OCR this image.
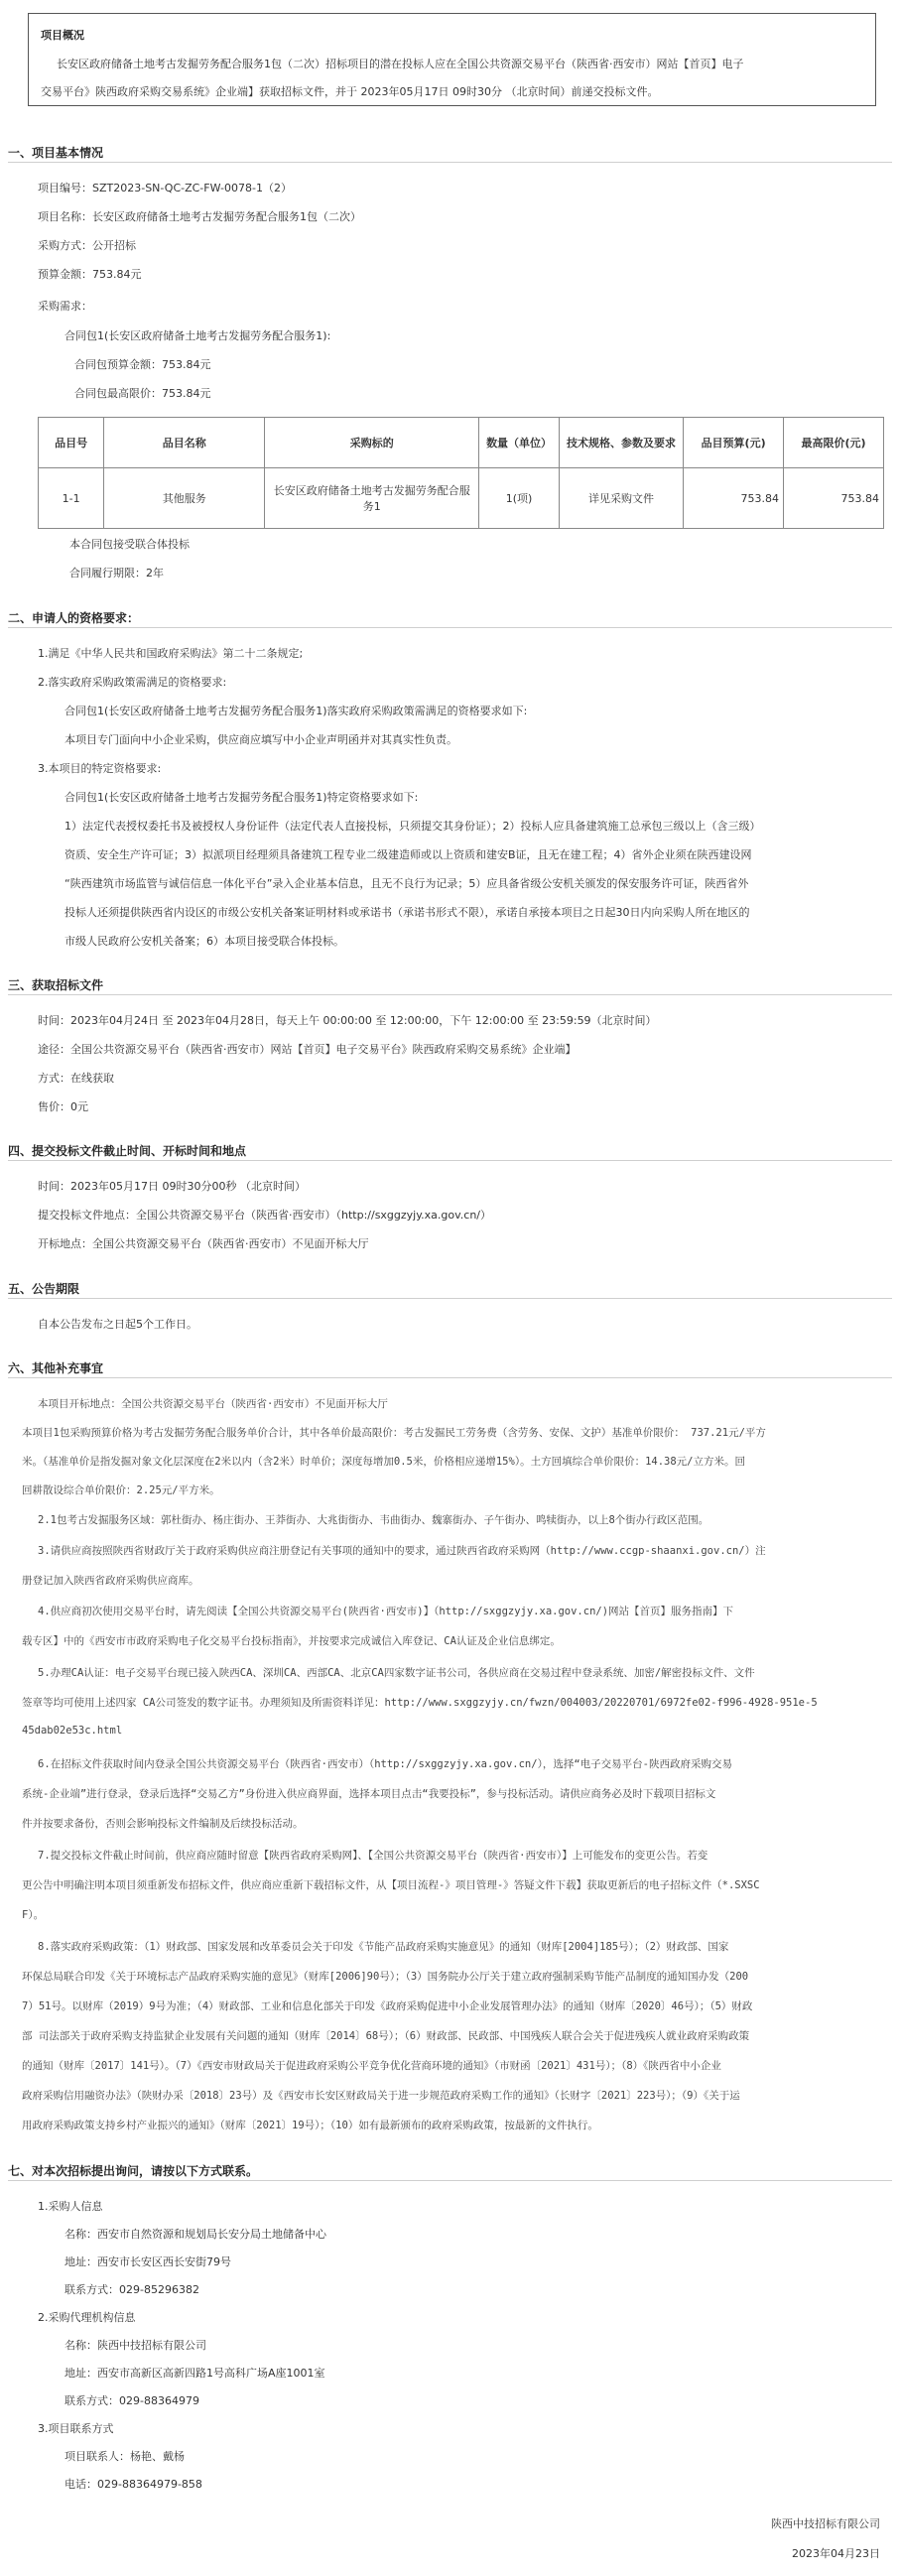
项目概况
长安区政府储备土地考古发掘劳务配合服务1包（二次）招标项目的潜在投标人应在全国公共资源交易平台（陕西省·西安市）网站【首页】电子
交易平台》陕西政府采购交易系统》企业端】获取招标文件，并于 2023年05月17日 09时30分 （北京时间）前递交投标文件。
一、项目基本情况
项目编号：SZT2023-SN-QC-ZC-FW-0078-1（2）
项目名称：长安区政府储备土地考古发掘劳务配合服务1包（二次）
采购方式：公开招标
预算金额：753.84元
采购需求：
合同包1(长安区政府储备土地考古发掘劳务配合服务1):
合同包预算金额：753.84元
合同包最高限价：753.84元
品目号	品目名称	采购标的	数量（单位）	技术规格、参数及要求	品目预算(元)	最高限价(元)
1-1	其他服务	长安区政府储备土地考古发掘劳务配合服务1	1(项)	详见采购文件	753.84	753.84
本合同包接受联合体投标
合同履行期限：2年
二、申请人的资格要求：
1.满足《中华人民共和国政府采购法》第二十二条规定;
2.落实政府采购政策需满足的资格要求:
合同包1(长安区政府储备土地考古发掘劳务配合服务1)落实政府采购政策需满足的资格要求如下:
本项目专门面向中小企业采购，供应商应填写中小企业声明函并对其真实性负责。
3.本项目的特定资格要求:
合同包1(长安区政府储备土地考古发掘劳务配合服务1)特定资格要求如下:
1）法定代表授权委托书及被授权人身份证件（法定代表人直接投标，只须提交其身份证）；2）投标人应具备建筑施工总承包三级以上（含三级）
资质、安全生产许可证；3）拟派项目经理须具备建筑工程专业二级建造师或以上资质和建安B证，且无在建工程；4）省外企业须在陕西建设网
“陕西建筑市场监管与诚信信息一体化平台”录入企业基本信息，且无不良行为记录；5）应具备省级公安机关颁发的保安服务许可证，陕西省外
投标人还须提供陕西省内设区的市级公安机关备案证明材料或承诺书（承诺书形式不限），承诺自承接本项目之日起30日内向采购人所在地区的
市级人民政府公安机关备案；6）本项目接受联合体投标。
三、获取招标文件
时间：2023年04月24日 至 2023年04月28日，每天上午 00:00:00 至 12:00:00，下午 12:00:00 至 23:59:59（北京时间）
途径：全国公共资源交易平台（陕西省·西安市）网站【首页】电子交易平台》陕西政府采购交易系统》企业端】
方式：在线获取
售价：0元
四、提交投标文件截止时间、开标时间和地点
时间：2023年05月17日 09时30分00秒 （北京时间）
提交投标文件地点：全国公共资源交易平台（陕西省·西安市）（http://sxggzyjy.xa.gov.cn/）
开标地点：全国公共资源交易平台（陕西省·西安市）不见面开标大厅
五、公告期限
自本公告发布之日起5个工作日。
六、其他补充事宜
本项目开标地点：全国公共资源交易平台（陕西省·西安市）不见面开标大厅
本项目1包采购预算价格为考古发掘劳务配合服务单价合计，其中各单价最高限价：考古发掘民工劳务费（含劳务、安保、文护）基准单价限价： 737.21元/平方
米。（基准单价是指发掘对象文化层深度在2米以内（含2米）时单价；深度每增加0.5米，价格相应递增15%）。土方回填综合单价限价：14.38元/立方米。回
回耕散设综合单价限价：2.25元/平方米。
2.1包考古发掘服务区域：郭杜街办、杨庄街办、王莽街办、大兆街街办、韦曲街办、魏寨街办、子午街办、鸣犊街办，以上8个街办行政区范围。
3.请供应商按照陕西省财政厅关于政府采购供应商注册登记有关事项的通知中的要求，通过陕西省政府采购网（http://www.ccgp-shaanxi.gov.cn/）注
册登记加入陕西省政府采购供应商库。
4.供应商初次使用交易平台时，请先阅读【全国公共资源交易平台(陕西省·西安市)】（http://sxggzyjy.xa.gov.cn/)网站【首页】服务指南】下
载专区】中的《西安市市政府采购电子化交易平台投标指南》，并按要求完成诚信入库登记、CA认证及企业信息绑定。
5.办理CA认证：电子交易平台现已接入陕西CA、深圳CA、西部CA、北京CA四家数字证书公司，各供应商在交易过程中登录系统、加密/解密投标文件、文件
签章等均可使用上述四家 CA公司签发的数字证书。办理须知及所需资料详见：http://www.sxggzyjy.cn/fwzn/004003/20220701/6972fe02-f996-4928-951e-5
45dab02e53c.html
6.在招标文件获取时间内登录全国公共资源交易平台（陕西省·西安市）（http://sxggzyjy.xa.gov.cn/），选择“电子交易平台-陕西政府采购交易
系统-企业端”进行登录，登录后选择“交易乙方”身份进入供应商界面，选择本项目点击“我要投标”，参与投标活动。请供应商务必及时下载项目招标文
件并按要求备份，否则会影响投标文件编制及后续投标活动。
7.提交投标文件截止时间前，供应商应随时留意【陕西省政府采购网】、【全国公共资源交易平台（陕西省·西安市）】上可能发布的变更公告。若变
更公告中明确注明本项目须重新发布招标文件，供应商应重新下载招标文件，从【项目流程-》项目管理-》答疑文件下载】获取更新后的电子招标文件（*.SXSC
F）。
8.落实政府采购政策：（1）财政部、国家发展和改革委员会关于印发《节能产品政府采购实施意见》的通知（财库[2004]185号）；（2）财政部、国家
环保总局联合印发《关于环境标志产品政府采购实施的意见》（财库[2006]90号）；（3）国务院办公厅关于建立政府强制采购节能产品制度的通知国办发（200
7）51号。以财库（2019）9号为准；（4）财政部、工业和信息化部关于印发《政府采购促进中小企业发展管理办法》的通知（财库〔2020〕46号）；（5）财政
部 司法部关于政府采购支持监狱企业发展有关问题的通知（财库〔2014〕68号）；（6）财政部、民政部、中国残疾人联合会关于促进残疾人就业政府采购政策
的通知（财库〔2017〕141号）。（7）《西安市财政局关于促进政府采购公平竞争优化营商环境的通知》（市财函〔2021〕431号）；（8）《陕西省中小企业
政府采购信用融资办法》（陕财办采〔2018〕23号）及《西安市长安区财政局关于进一步规范政府采购工作的通知》（长财字〔2021〕223号）；（9）《关于运
用政府采购政策支持乡村产业振兴的通知》（财库〔2021〕19号）；（10）如有最新颁布的政府采购政策，按最新的文件执行。
七、对本次招标提出询问，请按以下方式联系。
1.采购人信息
名称：西安市自然资源和规划局长安分局土地储备中心
地址：西安市长安区西长安街79号
联系方式：029-85296382
2.采购代理机构信息
名称：陕西中技招标有限公司
地址：西安市高新区高新四路1号高科广场A座1001室
联系方式：029-88364979
3.项目联系方式
项目联系人：杨艳、戴杨
电话：029-88364979-858
陕西中技招标有限公司
2023年04月23日
